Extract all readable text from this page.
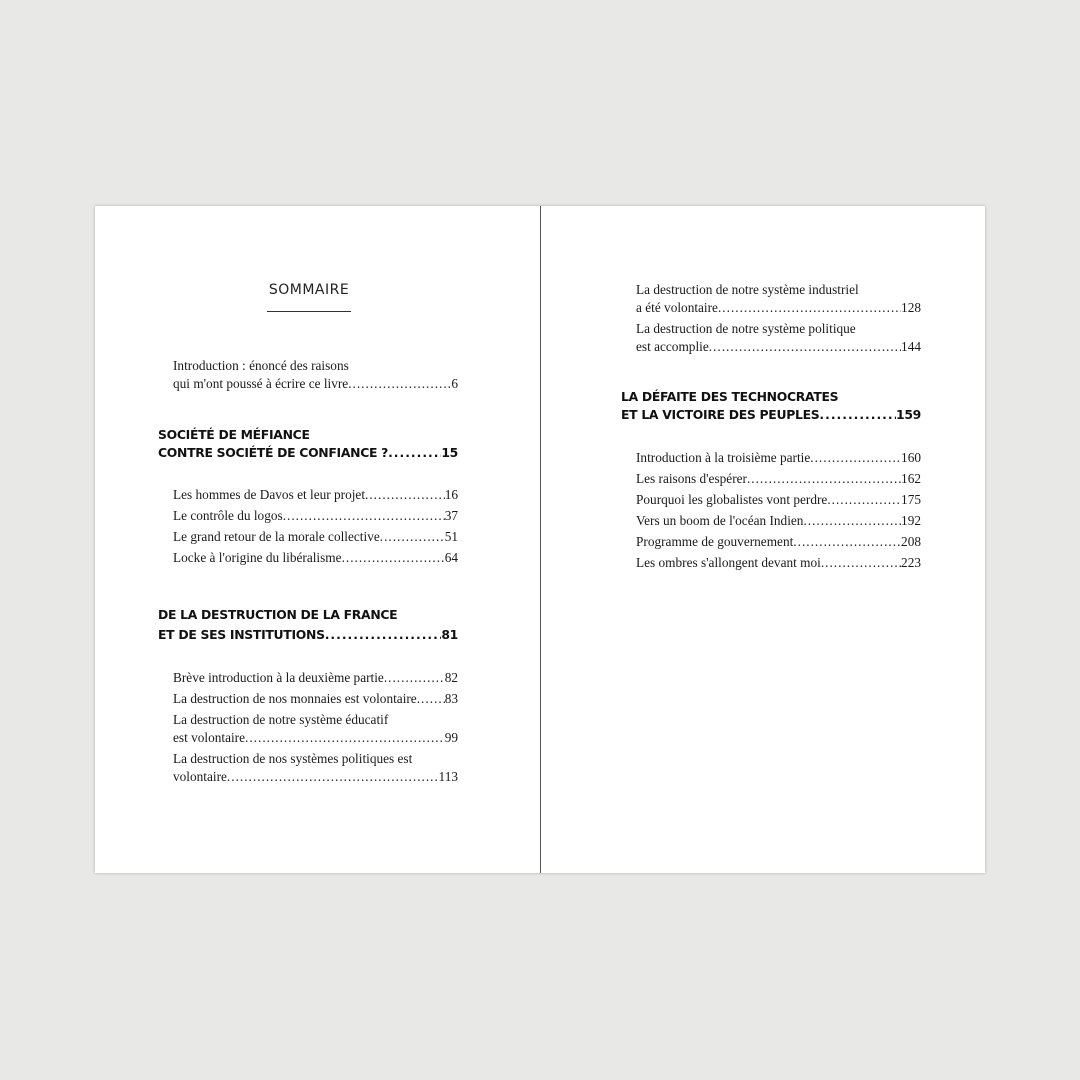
SOMMAIRE
Introduction : énoncé des raisons
qui m'ont poussé à écrire ce livre .....	6
SOCIÉTÉ DE MÉFIANCE
CONTRE SOCIÉTÉ DE CONFIANCE ? .....	15
Les hommes de Davos et leur projet .....	16
Le contrôle du logos .....	37
Le grand retour de la morale collective .....	51
Locke à l'origine du libéralisme .....	64
DE LA DESTRUCTION DE LA FRANCE
ET DE SES INSTITUTIONS .....	81
Brève introduction à la deuxième partie .....	82
La destruction de nos monnaies est volontaire ..... 83
La destruction de notre système éducatif
est volontaire .....	99
La destruction de nos systèmes politiques est
volontaire .....	113
La destruction de notre système industriel
a été volontaire .....	128
La destruction de notre système politique
est accomplie .....	144
LA DÉFAITE DES TECHNOCRATES
ET LA VICTOIRE DES PEUPLES .....	159
Introduction à la troisième partie .....	160
Les raisons d'espérer .....	162
Pourquoi les globalistes vont perdre .....	175
Vers un boom de l'océan Indien .....	192
Programme de gouvernement .....	208
Les ombres s'allongent devant moi .....	223
